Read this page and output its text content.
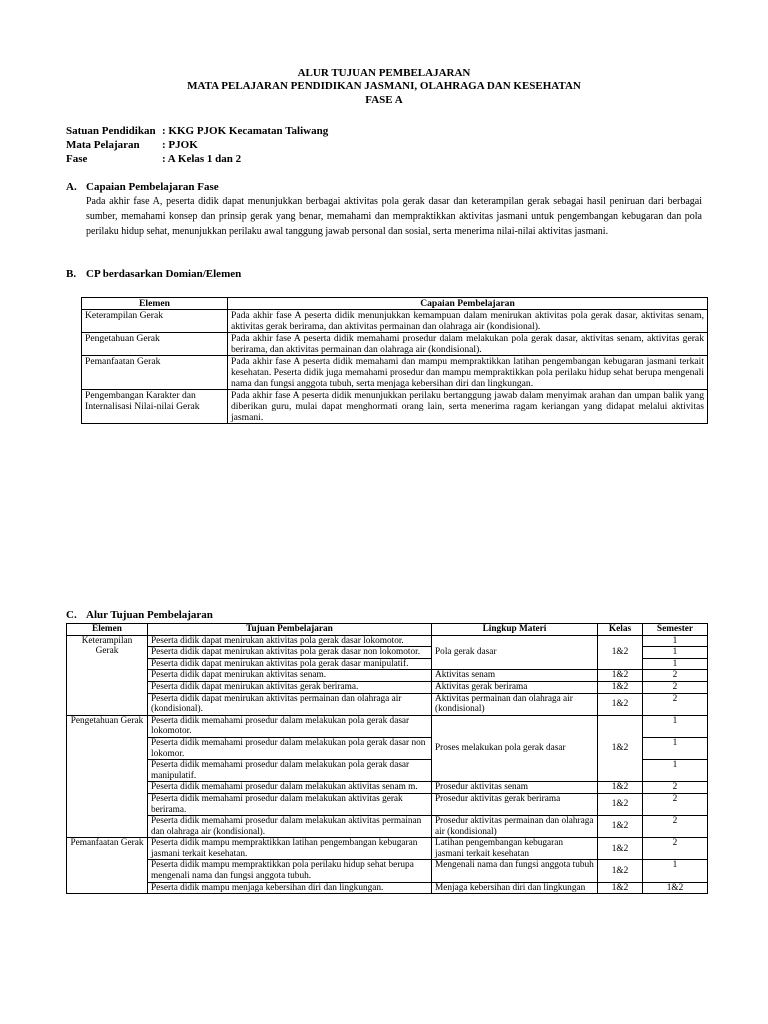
ALUR TUJUAN PEMBELAJARAN
MATA PELAJARAN PENDIDIKAN JASMANI, OLAHRAGA DAN KESEHATAN
FASE A
Satuan Pendidikan : KKG PJOK Kecamatan Taliwang
Mata Pelajaran	: PJOK
Fase	: A Kelas 1 dan 2
A. Capaian Pembelajaran Fase
Pada akhir fase A, peserta didik dapat menunjukkan berbagai aktivitas pola gerak dasar dan keterampilan gerak sebagai hasil peniruan dari berbagai sumber, memahami konsep dan prinsip gerak yang benar, memahami dan mempraktikkan aktivitas jasmani untuk pengembangan kebugaran dan pola perilaku hidup sehat, menunjukkan perilaku awal tanggung jawab personal dan sosial, serta menerima nilai-nilai aktivitas jasmani.
B. CP berdasarkan Domian/Elemen
Elemen	Capaian Pembelajaran
Keterampilan Gerak	Pada akhir fase A peserta didik menunjukkan kemampuan dalam menirukan aktivitas pola gerak dasar, aktivitas senam, aktivitas gerak berirama, dan aktivitas permainan dan olahraga air (kondisional).
Pengetahuan Gerak	Pada akhir fase A peserta didik memahami prosedur dalam melakukan pola gerak dasar, aktivitas senam, aktivitas gerak berirama, dan aktivitas permainan dan olahraga air (kondisional).
Pemanfaatan Gerak	Pada akhir fase A peserta didik memahami dan mampu mempraktikkan latihan pengembangan kebugaran jasmani terkait kesehatan. Peserta didik juga memahami prosedur dan mampu mempraktikkan pola perilaku hidup sehat berupa mengenali nama dan fungsi anggota tubuh, serta menjaga kebersihan diri dan lingkungan.
Pengembangan Karakter dan Internalisasi Nilai-nilai Gerak	Pada akhir fase A peserta didik menunjukkan perilaku bertanggung jawab dalam menyimak arahan dan umpan balik yang diberikan guru, mulai dapat menghormati orang lain, serta menerima ragam keriangan yang didapat melalui aktivitas jasmani.
C. Alur Tujuan Pembelajaran
Elemen	Tujuan Pembelajaran	Lingkup Materi	Kelas	Semester
Keterampilan Gerak	Peserta didik dapat menirukan aktivitas pola gerak dasar lokomotor.	Pola gerak dasar	1&2	1
	Peserta didik dapat menirukan aktivitas pola gerak dasar non lokomotor.			1
	Peserta didik dapat menirukan aktivitas pola gerak dasar manipulatif.			1
	Peserta didik dapat menirukan aktivitas senam.	Aktivitas senam	1&2	2
	Peserta didik dapat menirukan aktivitas gerak berirama.	Aktivitas gerak berirama	1&2	2
	Peserta didik dapat menirukan aktivitas permainan dan olahraga air (kondisional).	Aktivitas permainan dan olahraga air (kondisional)	1&2	2
Pengetahuan Gerak	Peserta didik memahami prosedur dalam melakukan pola gerak dasar lokomotor.	Proses melakukan pola gerak dasar	1&2	1
	Peserta didik memahami prosedur dalam melakukan pola gerak dasar non lokomor.			1
	Peserta didik memahami prosedur dalam melakukan pola gerak dasar manipulatif.			1
	Peserta didik memahami prosedur dalam melakukan aktivitas senam m.	Prosedur aktivitas senam	1&2	2
	Peserta didik memahami prosedur dalam melakukan aktivitas gerak berirama.	Prosedur aktivitas gerak berirama	1&2	2
	Peserta didik memahami prosedur dalam melakukan aktivitas permainan dan olahraga air (kondisional).	Prosedur aktivitas permainan dan olahraga air (kondisional)	1&2	2
Pemanfaatan Gerak	Peserta didik mampu mempraktikkan latihan pengembangan kebugaran jasmani terkait kesehatan.	Latihan pengembangan kebugaran jasmani terkait kesehatan	1&2	2
	Peserta didik mampu mempraktikkan pola perilaku hidup sehat berupa mengenali nama dan fungsi anggota tubuh.	Mengenali nama dan fungsi anggota tubuh	1&2	1
	Peserta didik mampu menjaga kebersihan diri dan lingkungan.	Menjaga kebersihan diri dan lingkungan	1&2	1&2
